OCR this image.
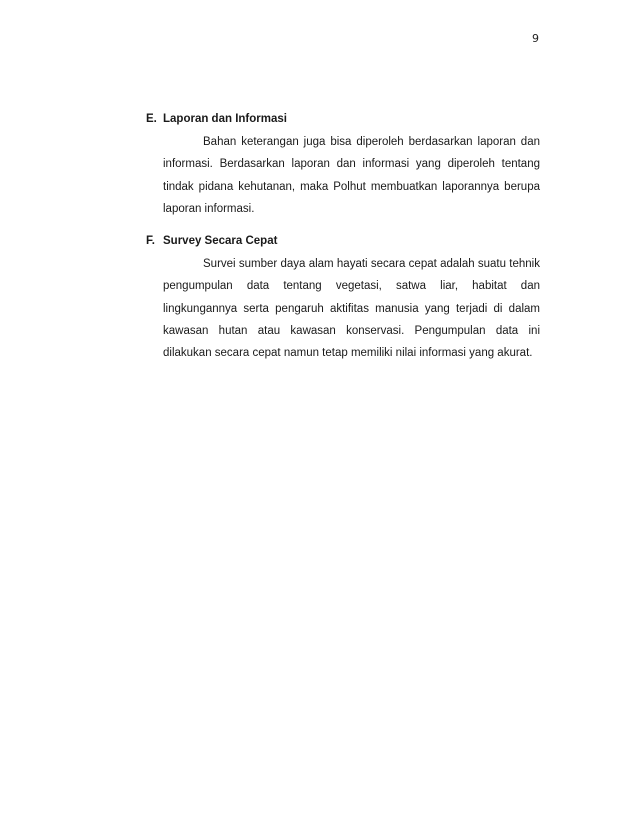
9
E. Laporan dan Informasi

Bahan keterangan juga bisa diperoleh berdasarkan laporan dan informasi. Berdasarkan laporan dan informasi yang diperoleh tentang tindak pidana kehutanan, maka Polhut membuatkan laporannya berupa laporan informasi.

F. Survey Secara Cepat

Survei sumber daya alam hayati secara cepat adalah suatu tehnik pengumpulan data tentang vegetasi, satwa liar, habitat dan lingkungannya serta pengaruh aktifitas manusia yang terjadi di dalam kawasan hutan atau kawasan konservasi. Pengumpulan data ini dilakukan secara cepat namun tetap memiliki nilai informasi yang akurat.
